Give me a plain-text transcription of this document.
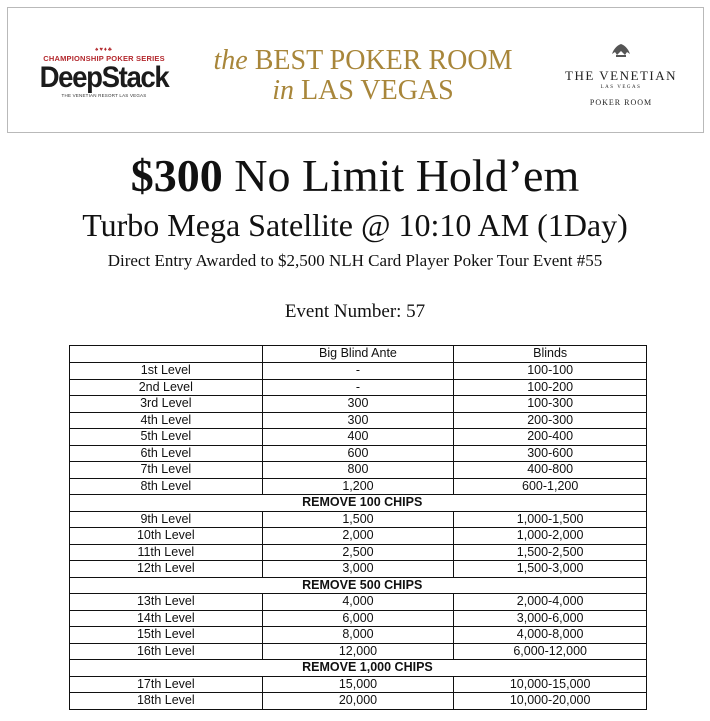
♠♥♦♣
CHAMPIONSHIP POKER SERIES
DeepStack
THE VENETIAN RESORT LAS VEGAS
the BEST POKER ROOM
in LAS VEGAS	THE VENETIAN
LAS VEGAS
POKER ROOM
$300 No Limit Hold’em
Turbo Mega Satellite @ 10:10 AM (1Day)
Direct Entry Awarded to $2,500 NLH Card Player Poker Tour Event #55
Event Number: 57
	Big Blind Ante	Blinds
1st Level	-	100-100
2nd Level	-	100-200
3rd Level	300	100-300
4th Level	300	200-300
5th Level	400	200-400
6th Level	600	300-600
7th Level	800	400-800
8th Level	1,200	600-1,200
	REMOVE 100 CHIPS	
9th Level	1,500	1,000-1,500
10th Level	2,000	1,000-2,000
11th Level	2,500	1,500-2,500
12th Level	3,000	1,500-3,000
	REMOVE 500 CHIPS	
13th Level	4,000	2,000-4,000
14th Level	6,000	3,000-6,000
15th Level	8,000	4,000-8,000
16th Level	12,000	6,000-12,000
	REMOVE 1,000 CHIPS	
17th Level	15,000	10,000-15,000
18th Level	20,000	10,000-20,000
